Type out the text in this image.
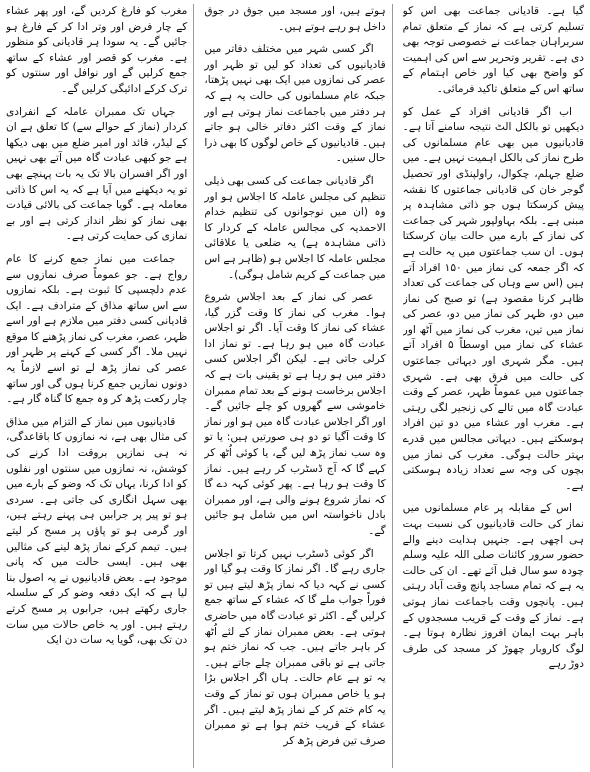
گیا ہے۔ قادیانی جماعت بھی اس کو تسلیم کرتی ہے کہ نماز کے متعلق تمام سربراہان جماعت نے خصوصی توجہ بھی دی ہے۔ تقریر وتحریر سے اس کی اہمیت کو واضح بھی کیا اور خاص اہتمام کے ساتھ اس کے متعلق تاکید فرمائی۔

اب اگر قادیانی افراد کے عمل کو دیکھیں تو بالکل الٹ نتیجہ سامنے آتا ہے۔ قادیانیوں میں بھی عام مسلمانوں کی طرح نماز کی بالکل اہمیت نہیں ہے۔ میں ضلع جہلم، چکوال، راولپنڈی اور تحصیل گوجر خان کی قادیانی جماعتوں کا نقشہ پیش کرسکتا ہوں جو ذاتی مشاہدہ پر مبنی ہے۔ بلکہ بہاولپور شہر کی جماعت کی نماز کے بارے میں حالت بیان کرسکتا ہوں۔ ان سب جماعتوں میں یہ حالت ہے کہ اگر جمعہ کی نماز میں ۱۵۰ افراد آتے ہیں (اس سے وہاں کی جماعت کی تعداد ظاہر کرنا مقصود ہے) تو صبح کی نماز میں دو، ظہر کی نماز میں دو، عصر کی نماز میں تین، مغرب کی نماز میں آٹھ اور عشاء کی نماز میں اوسطاً ۵ افراد آتے ہیں۔ مگر شہری اور دیہاتی جماعتوں کی حالت میں فرق بھی ہے۔ شہری جماعتوں میں عموماً ظہر، عصر کے وقت عبادت گاہ میں تالے کی زنجیر لگی رہتی ہے۔ مغرب اور عشاء میں دو تین افراد ہوسکتے ہیں۔ دیہاتی مجالس میں قدرے بہتر حالت ہوگی۔ مغرب کی نماز میں بچوں کی وجہ سے تعداد زیادہ ہوسکتی ہے۔

اس کے مقابلہ پر عام مسلمانوں میں نماز کی حالت قادیانیوں کی نسبت بہت ہی اچھی ہے۔ جنہیں ہدایت دینے والے حضور سرور کائنات صلی اللہ علیہ وسلم چودہ سو سال قبل آئے تھے۔ ان کی حالت یہ ہے کہ تمام مساجد پانچ وقت آباد رہتی ہیں۔ پانچوں وقت باجماعت نماز ہوتی ہے۔ نماز کے وقت کے قریب مسجدوں کے باہر بہت ایمان افروز نظارہ ہوتا ہے۔ لوگ کاروبار چھوڑ کر مسجد کی طرف دوڑ رہے

ہوتے ہیں، اور مسجد میں جوق در جوق داخل ہو رہے ہوتے ہیں۔

اگر کسی شہر میں مختلف دفاتر میں قادیانیوں کی تعداد کو لیں تو ظہر اور عصر کی نمازوں میں ایک بھی نہیں پڑھتا، جبکہ عام مسلمانوں کی حالت یہ ہے کہ ہر دفتر میں باجماعت نماز ہوتی ہے اور نماز کے وقت اکثر دفاتر خالی ہو جاتے ہیں۔ قادیانیوں کے خاص لوگوں کا بھی ذرا حال سنیں۔

اگر قادیانی جماعت کی کسی بھی ذیلی تنظیم کی مجلس عاملہ کا اجلاس ہو اور وہ (ان میں نوجوانوں کی تنظیم خدام الاحمدیہ کی مجالس عاملہ کے کردار کا ذاتی مشاہدہ ہے) یہ ضلعی یا علاقائی مجلس عاملہ کا اجلاس ہو (ظاہر ہے اس میں جماعت کے کریم شامل ہوگی)۔

عصر کی نماز کے بعد اجلاس شروع ہوا۔ مغرب کی نماز کا وقت گزر گیا، عشاء کی نماز کا وقت آیا۔ اگر تو اجلاس عبادت گاہ میں ہو رہا ہے۔ تو نماز ادا کرلی جاتی ہے۔ لیکن اگر اجلاس کسی دفتر میں ہو رہا ہے تو یقینی بات ہے کہ اجلاس برخاست ہونے کے بعد تمام ممبران خاموشی سے گھروں کو چلے جائیں گے۔ اور اگر اجلاس عبادت گاہ میں ہو اور نماز کا وقت آگیا تو دو ہی صورتیں ہیں: یا تو وہ سب نماز پڑھ لیں گے، یا کوئی اُٹھ کر کہے گا کہ آج ڈسٹرب کر رہے ہیں۔ نماز کا وقت ہو رہا ہے۔ پھر کوئی کہہ دے گا کہ نماز شروع ہونے والی ہے، اور ممبران بادل ناخواستہ اس میں شامل ہو جائیں گے۔

اگر کوئی ڈسٹرب نہیں کرتا تو اجلاس جاری رہے گا۔ اگر نماز کا وقت ہو گیا اور کسی نے کہہ دیا کہ نماز پڑھ لیتے ہیں تو فوراً جواب ملے گا کہ عشاء کے ساتھ جمع کرلیں گے۔ اکثر تو عبادت گاہ میں حاضری ہوتی ہے۔ بعض ممبران نماز کے لئے اُٹھ کر باہر جاتے ہیں۔ جب کہ نماز ختم ہو جاتی ہے تو باقی ممبران چلے جاتے ہیں۔ یہ تو ہے عام حالت۔ ہاں اگر اجلاس بڑا ہو یا خاص ممبران ہوں تو نماز کے وقت یہ کام ختم کر کے نماز پڑھ لیتے ہیں۔ اگر عشاء کے قریب ختم ہوا ہے تو ممبران صرف تین فرض پڑھ کر

مغرب کو فارغ کردیں گے، اور پھر عشاء کے چار فرض اور وتر ادا کر کے فارغ ہو جائیں گے۔ یہ سودا ہر قادیانی کو منظور ہے۔ مغرب کو قصر اور عشاء کے ساتھ جمع کرلیں گے اور نوافل اور سنتوں کو ترک کرکے ادائیگی کرلیں گے۔

جہاں تک ممبران عاملہ کے انفرادی کردار (نماز کے حوالے سے) کا تعلق ہے ان کے لیڈر، قائد اور امیر ضلع میں بھی دیکھا ہے جو کبھی عبادت گاہ میں آتے بھی نہیں اور اگر افسران بالا تک یہ بات پہنچے بھی تو یہ دیکھنے میں آیا ہے کہ یہ اس کا ذاتی معاملہ ہے۔ گویا جماعت کی بالائی قیادت بھی نماز کو نظر انداز کرتی ہے اور بے نمازی کی حمایت کرتی ہے۔

جماعت میں نماز جمع کرنے کا عام رواج ہے۔ جو عموماً صرف نمازوں سے عدم دلچسپی کا ثبوت ہے۔ بلکہ نمازوں سے اس ساتھ مذاق کے مترادف ہے۔ ایک قادیانی کسی دفتر میں ملازم ہے اور اسے ظہر، عصر، مغرب کی نماز پڑھنے کا موقع نہیں ملا۔ اگر کسی کے کہنے پر ظہر اور عصر کی نماز پڑھ لے تو اسے لازماً یہ دونوں نمازیں جمع کرنا ہوں گی اور ساتھ چار رکعت پڑھ کر وہ جمع کا گناہ گار ہے۔

قادیانیوں میں نماز کے التزام میں مذاق کی مثال بھی ہے، نہ نمازوں کا باقاعدگی، نہ ہی نمازیں بروقت ادا کرنے کی کوشش، نہ نمازوں میں سنتوں اور نفلوں کو ادا کرنا، یہاں تک کہ وضو کے بارے میں بھی سہل انگاری کی جاتی ہے۔ سردی ہو تو پیر پر جرابیں ہی پہنے رہتے ہیں، اور گرمی ہو تو پاؤں پر مسح کر لیتے ہیں۔ تیمم کرکے نماز پڑھ لینے کی مثالیں بھی ہیں۔ ایسی حالت میں کہ پانی موجود ہے۔ بعض قادیانیوں نے یہ اصول بنا لیا ہے کہ ایک دفعہ وضو کر کے سلسلہ جاری رکھتے ہیں، جرابوں پر مسح کرتے رہتے ہیں۔ اور یہ خاص حالات میں سات دن تک بھی، گویا یہ سات دن ایک
